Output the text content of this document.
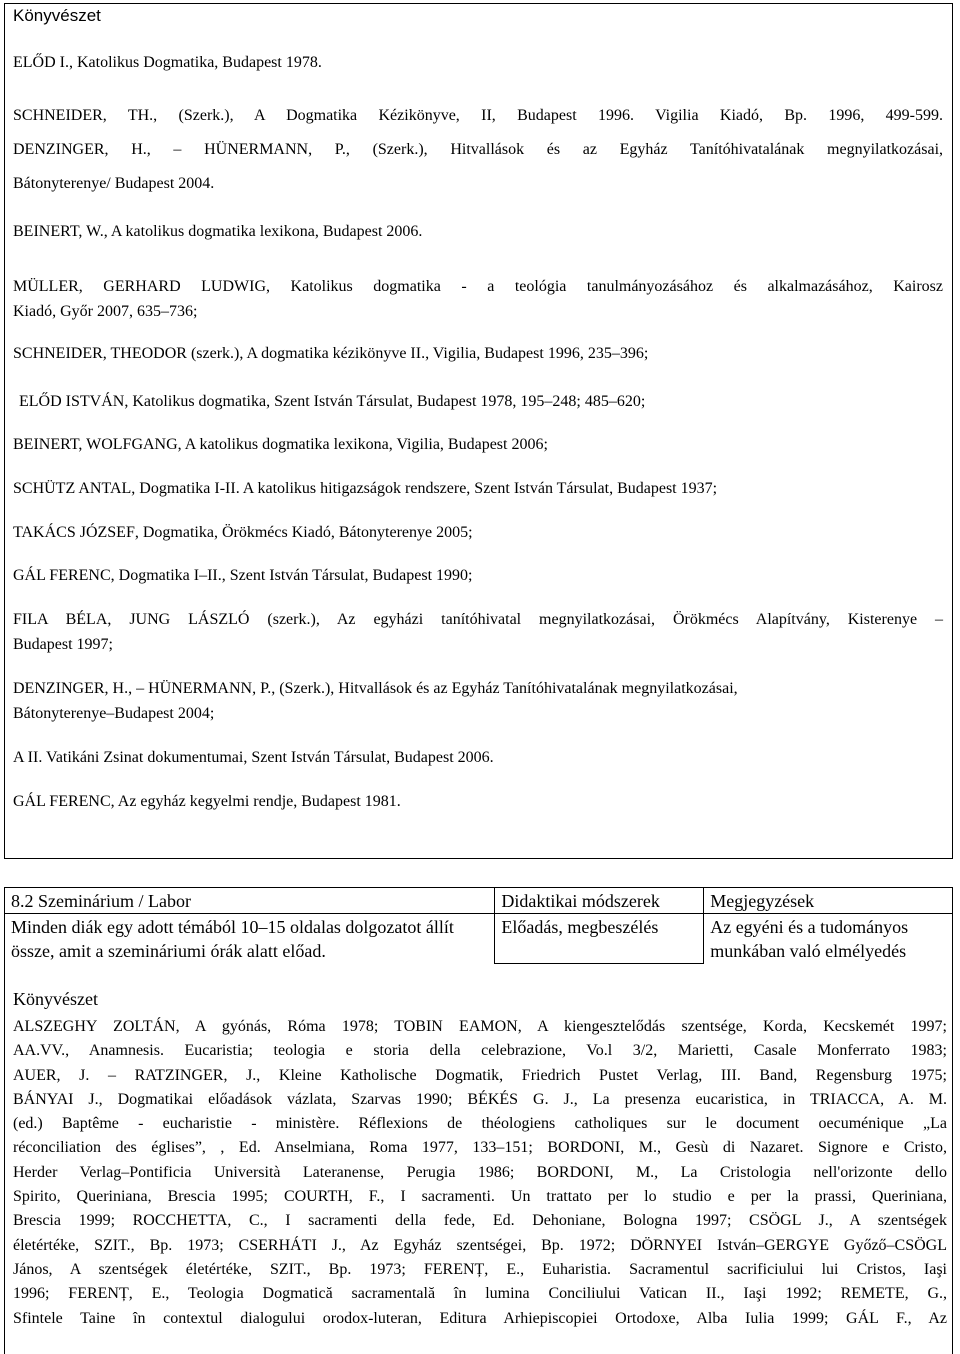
Könyvészet
ELŐD I., Katolikus Dogmatika, Budapest 1978.
SCHNEIDER, TH., (Szerk.), A Dogmatika Kézikönyve, II, Budapest 1996. Vigilia Kiadó, Bp. 1996, 499-599.
DENZINGER, H., – HÜNERMANN, P., (Szerk.), Hitvallások és az Egyház Tanítóhivatalának megnyilatkozásai,
Bátonyterenye/ Budapest 2004.
BEINERT, W., A katolikus dogmatika lexikona, Budapest 2006.
MÜLLER, GERHARD LUDWIG, Katolikus dogmatika - a teológia tanulmányozásához és alkalmazásához, Kairosz
Kiadó, Győr 2007, 635–736;
SCHNEIDER, THEODOR (szerk.), A dogmatika kézikönyve II., Vigilia, Budapest 1996, 235–396;
ELŐD ISTVÁN, Katolikus dogmatika, Szent István Társulat, Budapest 1978, 195–248; 485–620;
BEINERT, WOLFGANG, A katolikus dogmatika lexikona, Vigilia, Budapest 2006;
SCHÜTZ ANTAL, Dogmatika I-II. A katolikus hitigazságok rendszere, Szent István Társulat, Budapest 1937;
TAKÁCS JÓZSEF, Dogmatika, Örökmécs Kiadó, Bátonyterenye 2005;
GÁL FERENC, Dogmatika I–II., Szent István Társulat, Budapest 1990;
FILA BÉLA, JUNG LÁSZLÓ (szerk.), Az egyházi tanítóhivatal megnyilatkozásai, Örökmécs Alapítvány, Kisterenye –
Budapest 1997;
DENZINGER, H., – HÜNERMANN, P., (Szerk.), Hitvallások és az Egyház Tanítóhivatalának megnyilatkozásai,
Bátonyterenye–Budapest 2004;
A II. Vatikáni Zsinat dokumentumai, Szent István Társulat, Budapest 2006.
GÁL FERENC, Az egyház kegyelmi rendje, Budapest 1981.
8.2 Szeminárium / Labor	Didaktikai módszerek	Megjegyzések
Minden diák egy adott témából 10–15 oldalas dolgozatot állít össze, amit a szemináriumi órák alatt előad.	Előadás, megbeszélés	Az egyéni és a tudományos munkában való elmélyedés
Könyvészet
ALSZEGHY ZOLTÁN, A gyónás, Róma 1978; TOBIN EAMON, A kiengesztelődás szentsége, Korda, Kecskemét 1997;
AA.VV., Anamnesis. Eucaristia; teologia e storia della celebrazione, Vo.l 3/2, Marietti, Casale Monferrato 1983;
AUER, J. – RATZINGER, J., Kleine Katholische Dogmatik, Friedrich Pustet Verlag, III. Band, Regensburg 1975;
BÁNYAI J., Dogmatikai előadások vázlata, Szarvas 1990; BÉKÉS G. J., La presenza eucaristica, in TRIACCA, A. M.
(ed.) Baptême - eucharistie - ministère. Réflexions de théologiens catholiques sur le document oecuménique „La
réconciliation des églises”, , Ed. Anselmiana, Roma 1977, 133–151; BORDONI, M., Gesù di Nazaret. Signore e Cristo,
Herder Verlag–Pontificia Università Lateranense, Perugia 1986; BORDONI, M., La Cristologia nell'orizonte dello
Spirito, Queriniana, Brescia 1995; COURTH, F., I sacramenti. Un trattato per lo studio e per la prassi, Queriniana,
Brescia 1999; ROCCHETTA, C., I sacramenti della fede, Ed. Dehoniane, Bologna 1997; CSÖGL J., A szentségek
életértéke, SZIT., Bp. 1973; CSERHÁTI J., Az Egyház szentségei, Bp. 1972; DÖRNYEI István–GERGYE Győző–CSÖGL
János, A szentségek életértéke, SZIT., Bp. 1973; FERENȚ, E., Euharistia. Sacramentul sacrificiului lui Cristos, Iaşi
1996; FERENȚ, E., Teologia Dogmatică sacramentală în lumina Conciliului Vatican II., Iaşi 1992; REMETE, G.,
Sfintele Taine în contextul dialogului orodox-luteran, Editura Arhiepiscopiei Ortodoxe, Alba Iulia 1999; GÁL F., Az
